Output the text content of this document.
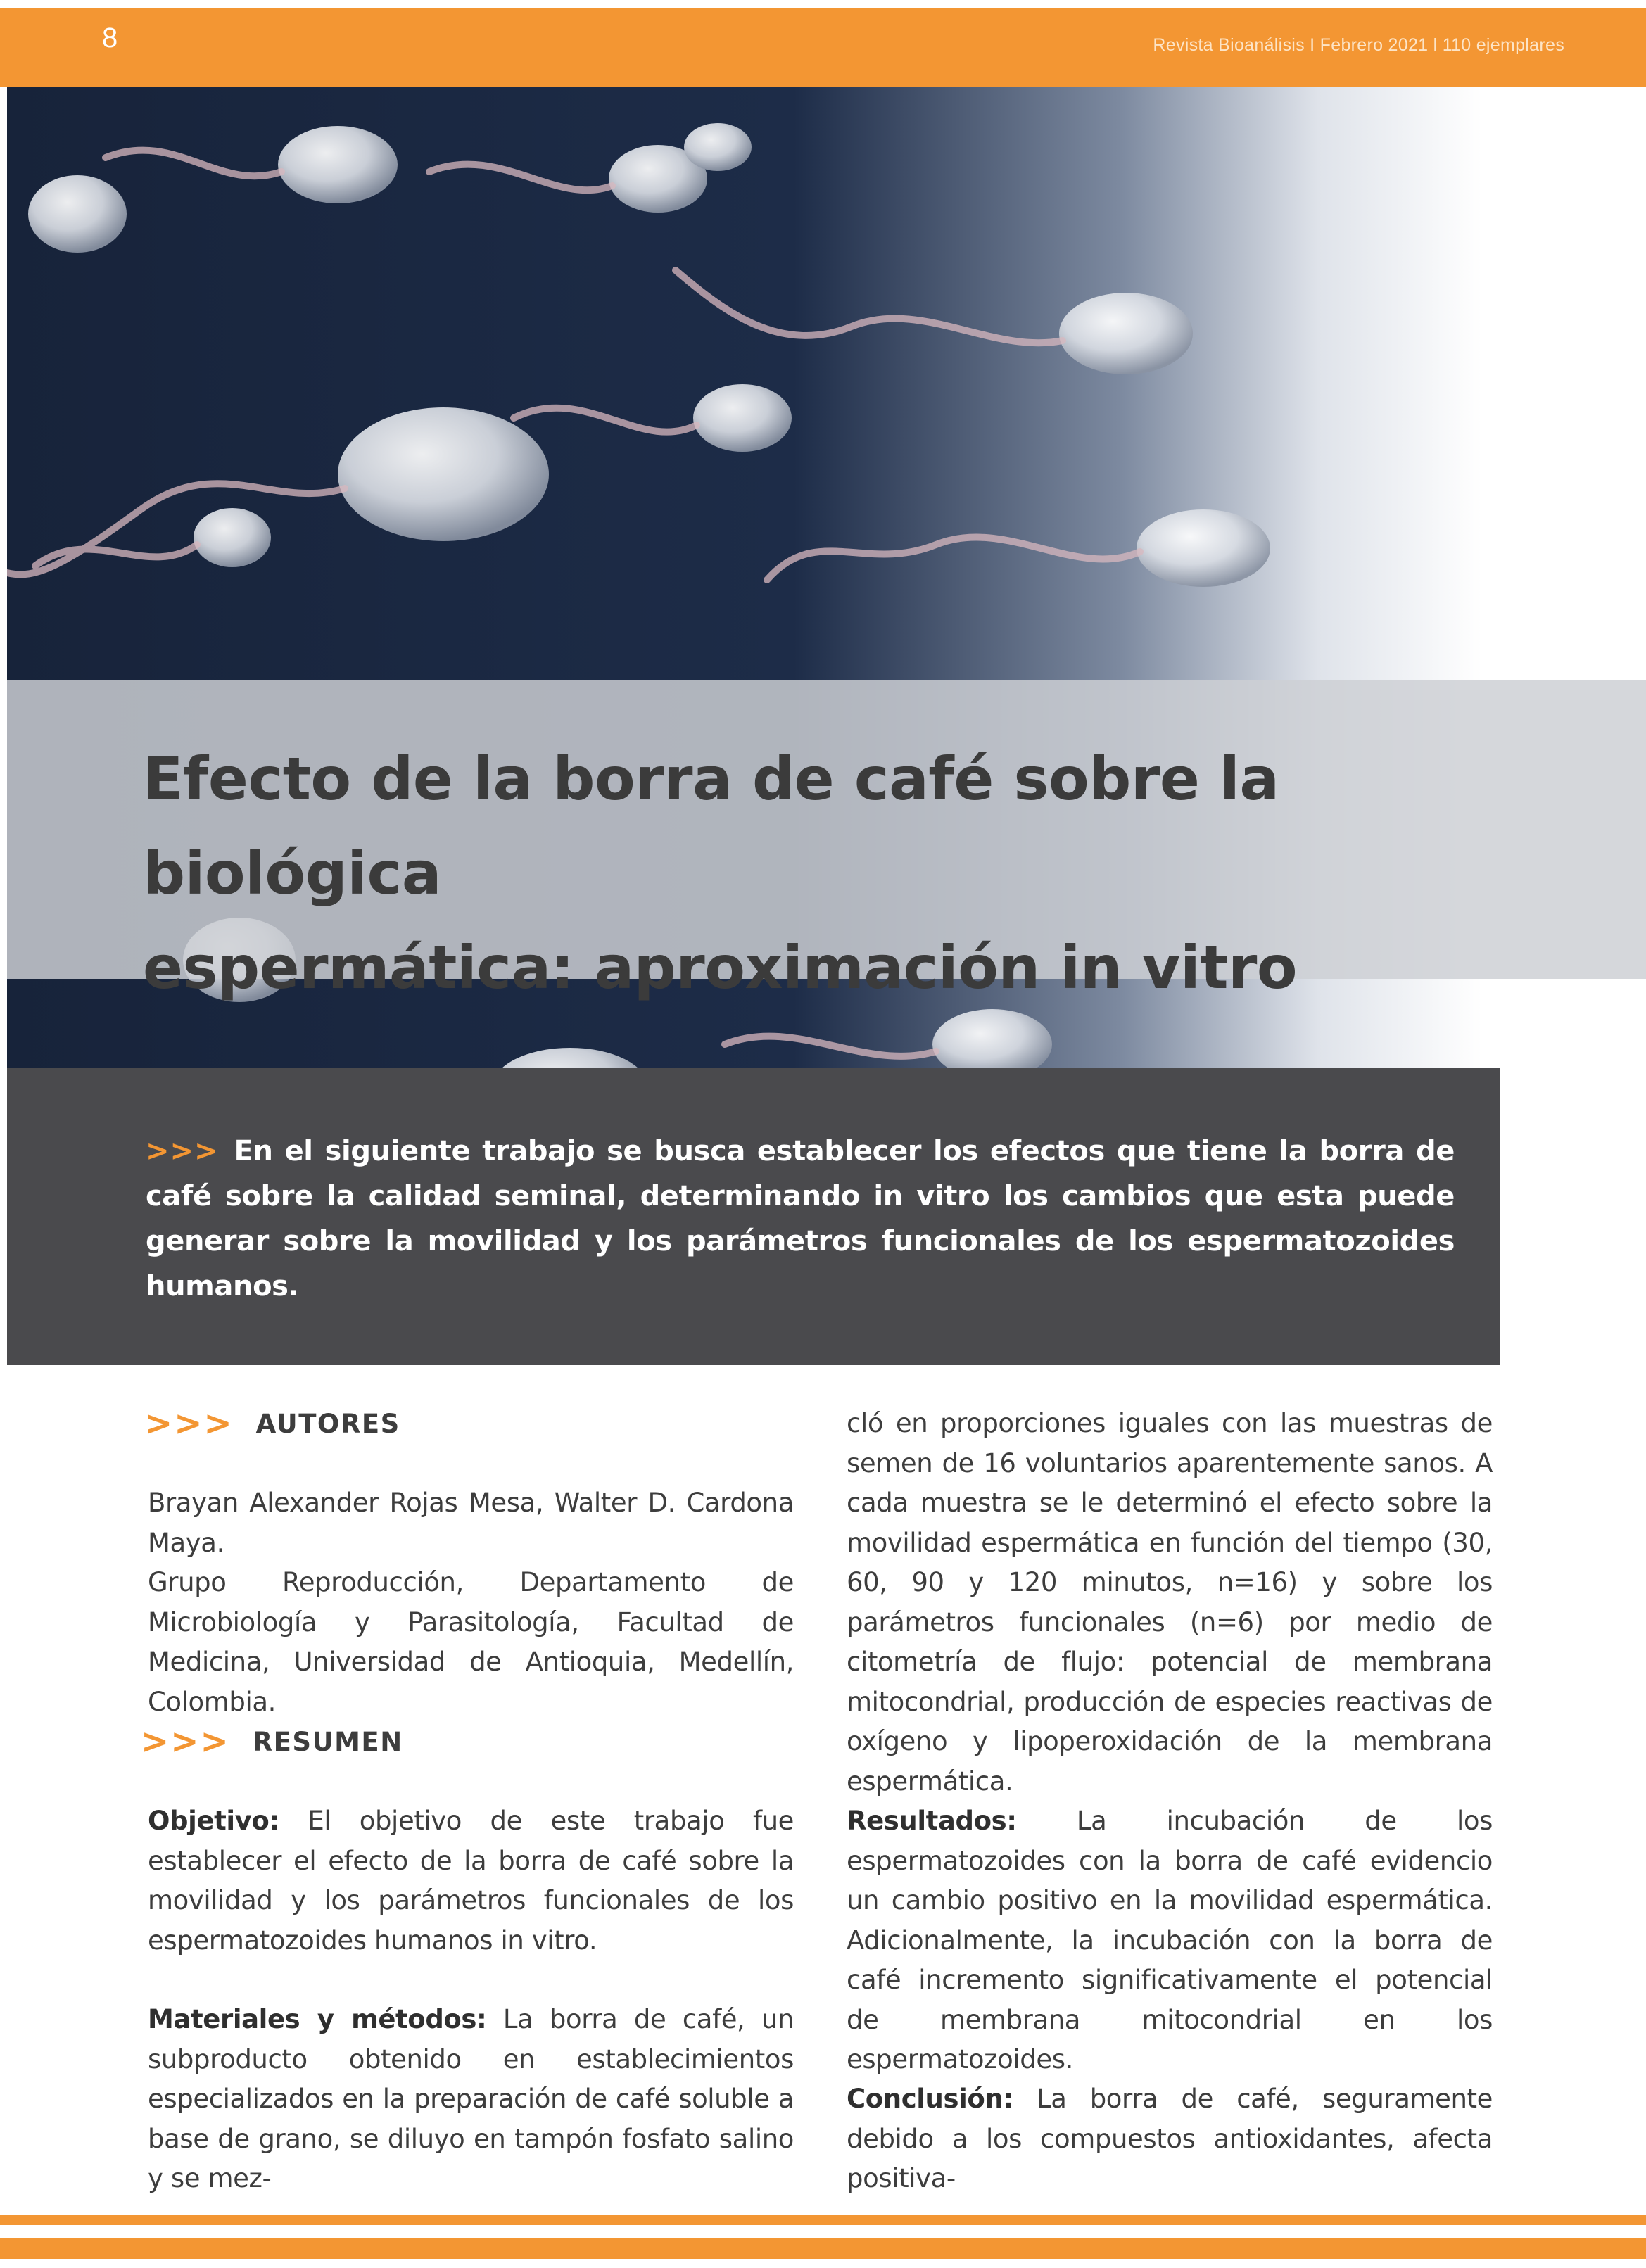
8	Revista Bioanálisis I Febrero 2021 l 110 ejemplares
Efecto de la borra de café sobre la biológica
espermática: aproximación in vitro

>>> En el siguiente trabajo se busca establecer los efectos que tiene la borra de café sobre la calidad seminal, determinando in vitro los cambios que esta puede generar sobre la movilidad y los parámetros funcionales de los espermatozoides humanos.

>>> AUTORES

Brayan Alexander Rojas Mesa, Walter D. Cardona Maya.

Grupo Reproducción, Departamento de Microbiología y Parasitología, Facultad de Medicina, Universidad de Antioquia, Medellín, Colombia.

>>> RESUMEN
Objetivo: El objetivo de este trabajo fue establecer el efecto de la borra de café sobre la movilidad y los parámetros funcionales de los espermatozoides humanos in vitro.
Materiales y métodos: La borra de café, un subproducto obtenido en establecimientos especializados en la preparación de café soluble a base de grano, se diluyo en tampón fosfato salino y se mez-
cló en proporciones iguales con las muestras de semen de 16 voluntarios aparentemente sanos. A cada muestra se le determinó el efecto sobre la movilidad espermática en función del tiempo (30, 60, 90 y 120 minutos, n=16) y sobre los parámetros funcionales (n=6) por medio de citometría de flujo: potencial de membrana mitocondrial, producción de especies reactivas de oxígeno y lipoperoxidación de la membrana espermática.
Resultados: La incubación de los espermatozoides con la borra de café evidencio un cambio positivo en la movilidad espermática. Adicionalmente, la incubación con la borra de café incremento significativamente el potencial de membrana mitocondrial en los espermatozoides.
Conclusión: La borra de café, seguramente debido a los compuestos antioxidantes, afecta positiva-
